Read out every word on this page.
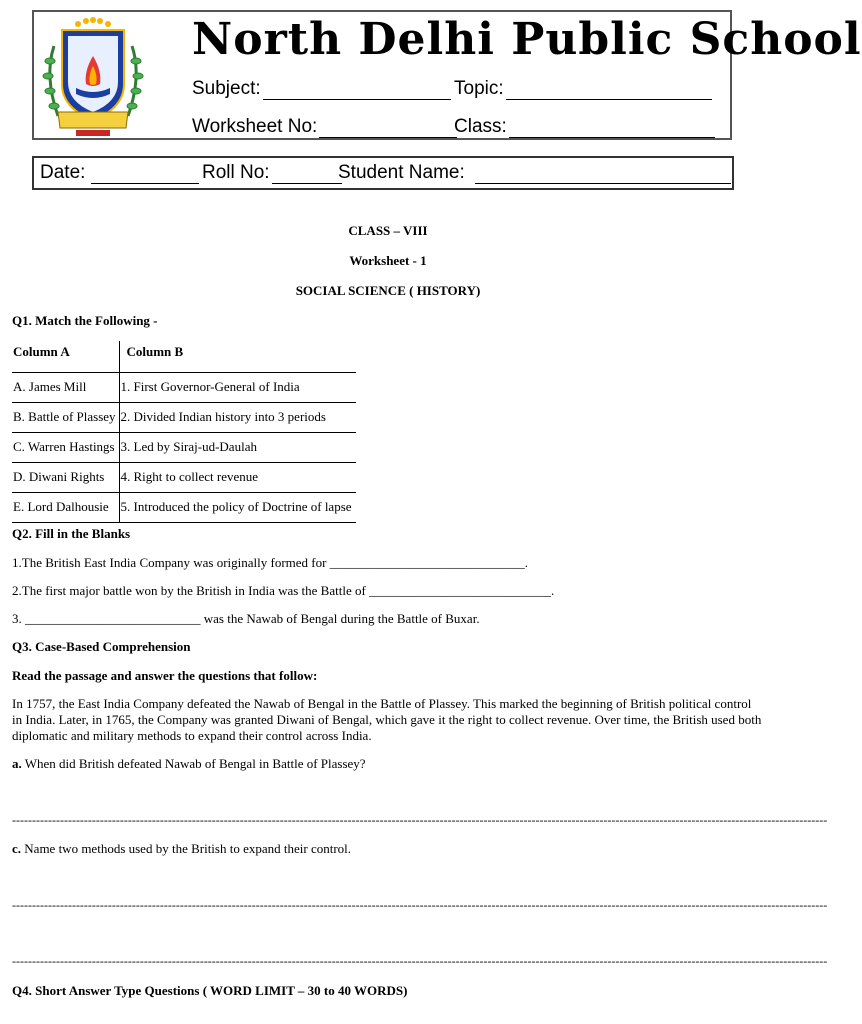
North Delhi Public School
Subject:	Topic:
Worksheet No:	Class:
Date:	Roll No:	Student Name:
CLASS – VIII
Worksheet - 1
SOCIAL SCIENCE ( HISTORY)
Q1. Match the Following -
Column A	Column B
A. James Mill	1. First Governor-General of India
B. Battle of Plassey	2. Divided Indian history into 3 periods
C. Warren Hastings	3. Led by Siraj-ud-Daulah
D. Diwani Rights	4. Right to collect revenue
E. Lord Dalhousie	5. Introduced the policy of Doctrine of lapse
Q2. Fill in the Blanks
1.The British East India Company was originally formed for ______________________________.
2.The first major battle won by the British in India was the Battle of ____________________________.
3. ___________________________ was the Nawab of Bengal during the Battle of Buxar.
Q3. Case-Based Comprehension
Read the passage and answer the questions that follow:
In 1757, the East India Company defeated the Nawab of Bengal in the Battle of Plassey. This marked the beginning of British political control in India. Later, in 1765, the Company was granted Diwani of Bengal, which gave it the right to collect revenue. Over time, the British used both diplomatic and military methods to expand their control across India.
a. When did British defeated Nawab of Bengal in Battle of Plassey?
------------------------------------------------------------------------------------------------------------------------------------------------------------------------------------------------------------
c. Name two methods used by the British to expand their control.
------------------------------------------------------------------------------------------------------------------------------------------------------------------------------------------------------------
------------------------------------------------------------------------------------------------------------------------------------------------------------------------------------------------------------
Q4. Short Answer Type Questions ( WORD LIMIT – 30 to 40 WORDS)
